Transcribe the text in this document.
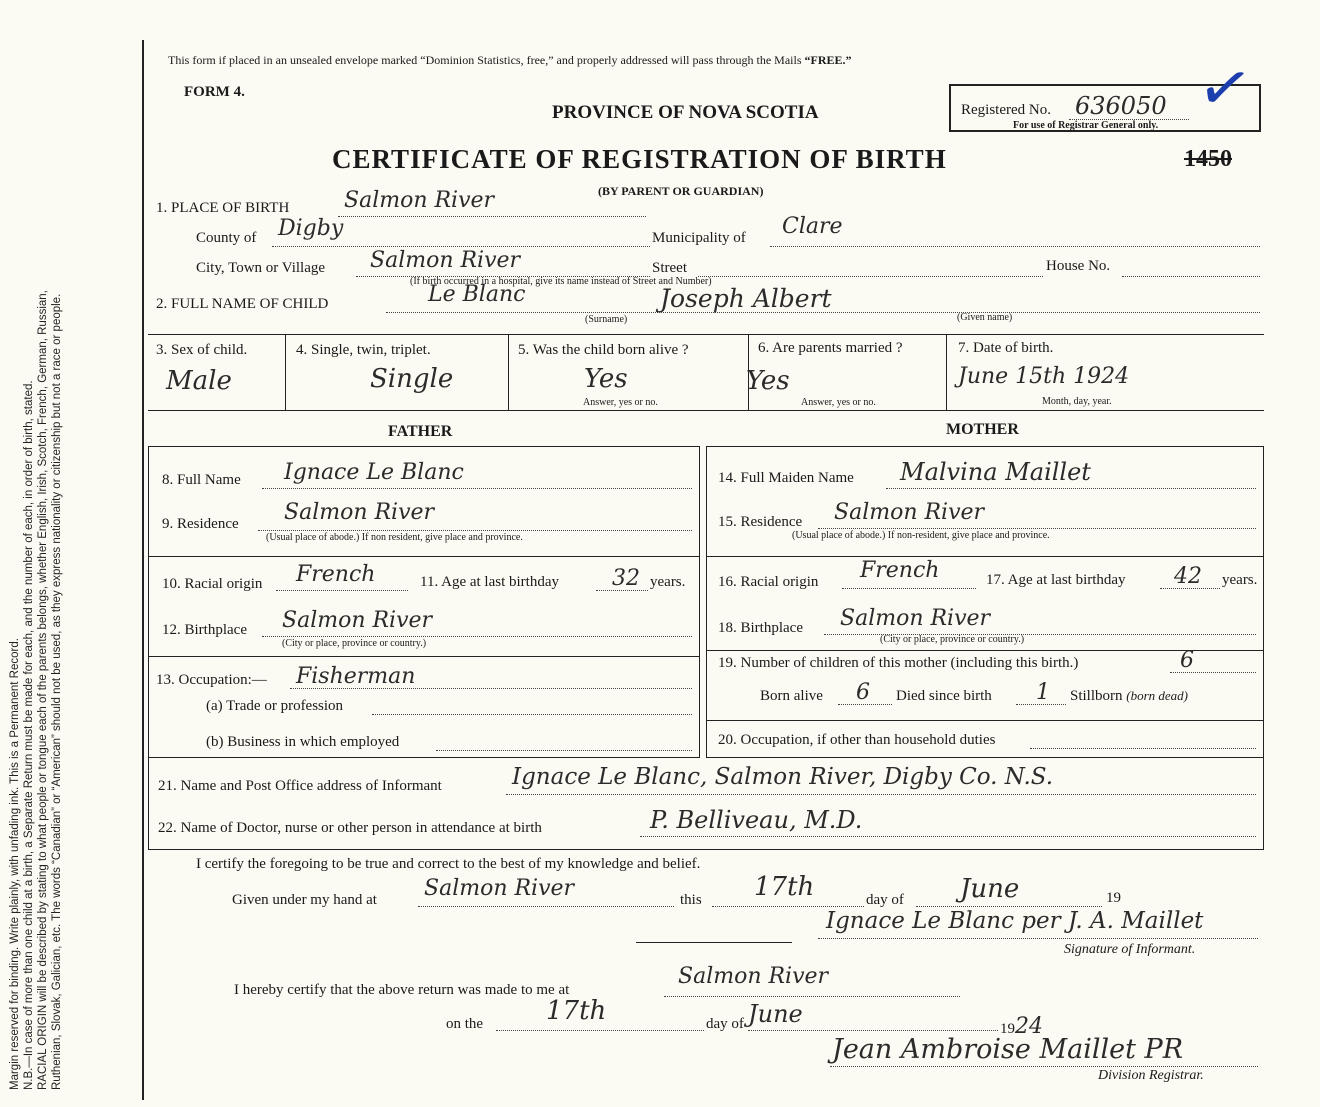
Margin reserved for binding. Write plainly, with unfading ink. This is a Permanent Record. N.B.—In case of more than one child at a birth, a Separate Return must be made for each, and the number of each, in order of birth, stated. RACIAL ORIGIN will be described by stating to what people or tongue each of the parents belongs, whether English, Irish, Scotch, French, German, Russian, Ruthenian, Slovak, Galician, etc. The words “Canadian” or “American” should not be used, as they express nationality or citizenship but not a race or people.
This form if placed in an unsealed envelope marked “Dominion Statistics, free,” and properly addressed will pass through the Mails “FREE.”
FORM 4.
PROVINCE OF NOVA SCOTIA	Registered No. 636050
For use of Registrar General only. ✓
CERTIFICATE OF REGISTRATION OF BIRTH	1450
(BY PARENT OR GUARDIAN)
1. PLACE OF BIRTH Salmon River
County of Digby	Municipality of Clare
City, Town or Village Salmon River	Street	House No.
(If birth occurred in a hospital, give its name instead of Street and Number)
2. FULL NAME OF CHILD	Le Blanc	Joseph Albert
(Surname)	(Given name)
3. Sex of child.
Male
4. Single, twin, triplet.
Single
5. Was the child born alive ?
Yes
Answer, yes or no.
6. Are parents married ?
Yes
Answer, yes or no.
7. Date of birth.
June 15th 1924
Month, day, year.
FATHER	MOTHER
8. Full Name Ignace Le Blanc
9. Residence Salmon River
(Usual place of abode.) If non resident, give place and province.
10. Racial origin French	11. Age at last birthday 32 years.
12. Birthplace Salmon River
(City or place, province or country.)
13. Occupation:— Fisherman
(a) Trade or profession
(b) Business in which employed
14. Full Maiden Name Malvina Maillet
15. Residence Salmon River
(Usual place of abode.) If non-resident, give place and province.
16. Racial origin French	17. Age at last birthday 42 years.
18. Birthplace Salmon River
(City or place, province or country.)
19. Number of children of this mother (including this birth.)	6
Born alive 6 Died since birth 1 Stillborn (born dead)
20. Occupation, if other than household duties
21. Name and Post Office address of Informant	Ignace Le Blanc, Salmon River, Digby Co. N.S.
22. Name of Doctor, nurse or other person in attendance at birth	P. Belliveau, M.D.
I certify the foregoing to be true and correct to the best of my knowledge and belief.
Given under my hand at Salmon River	this 17th	day of June	19
Ignace Le Blanc per J. A. Maillet
Signature of Informant.
I hereby certify that the above return was made to me at
Salmon River
on the 17th	day of June
1924
Jean Ambroise Maillet PR
Division Registrar.
